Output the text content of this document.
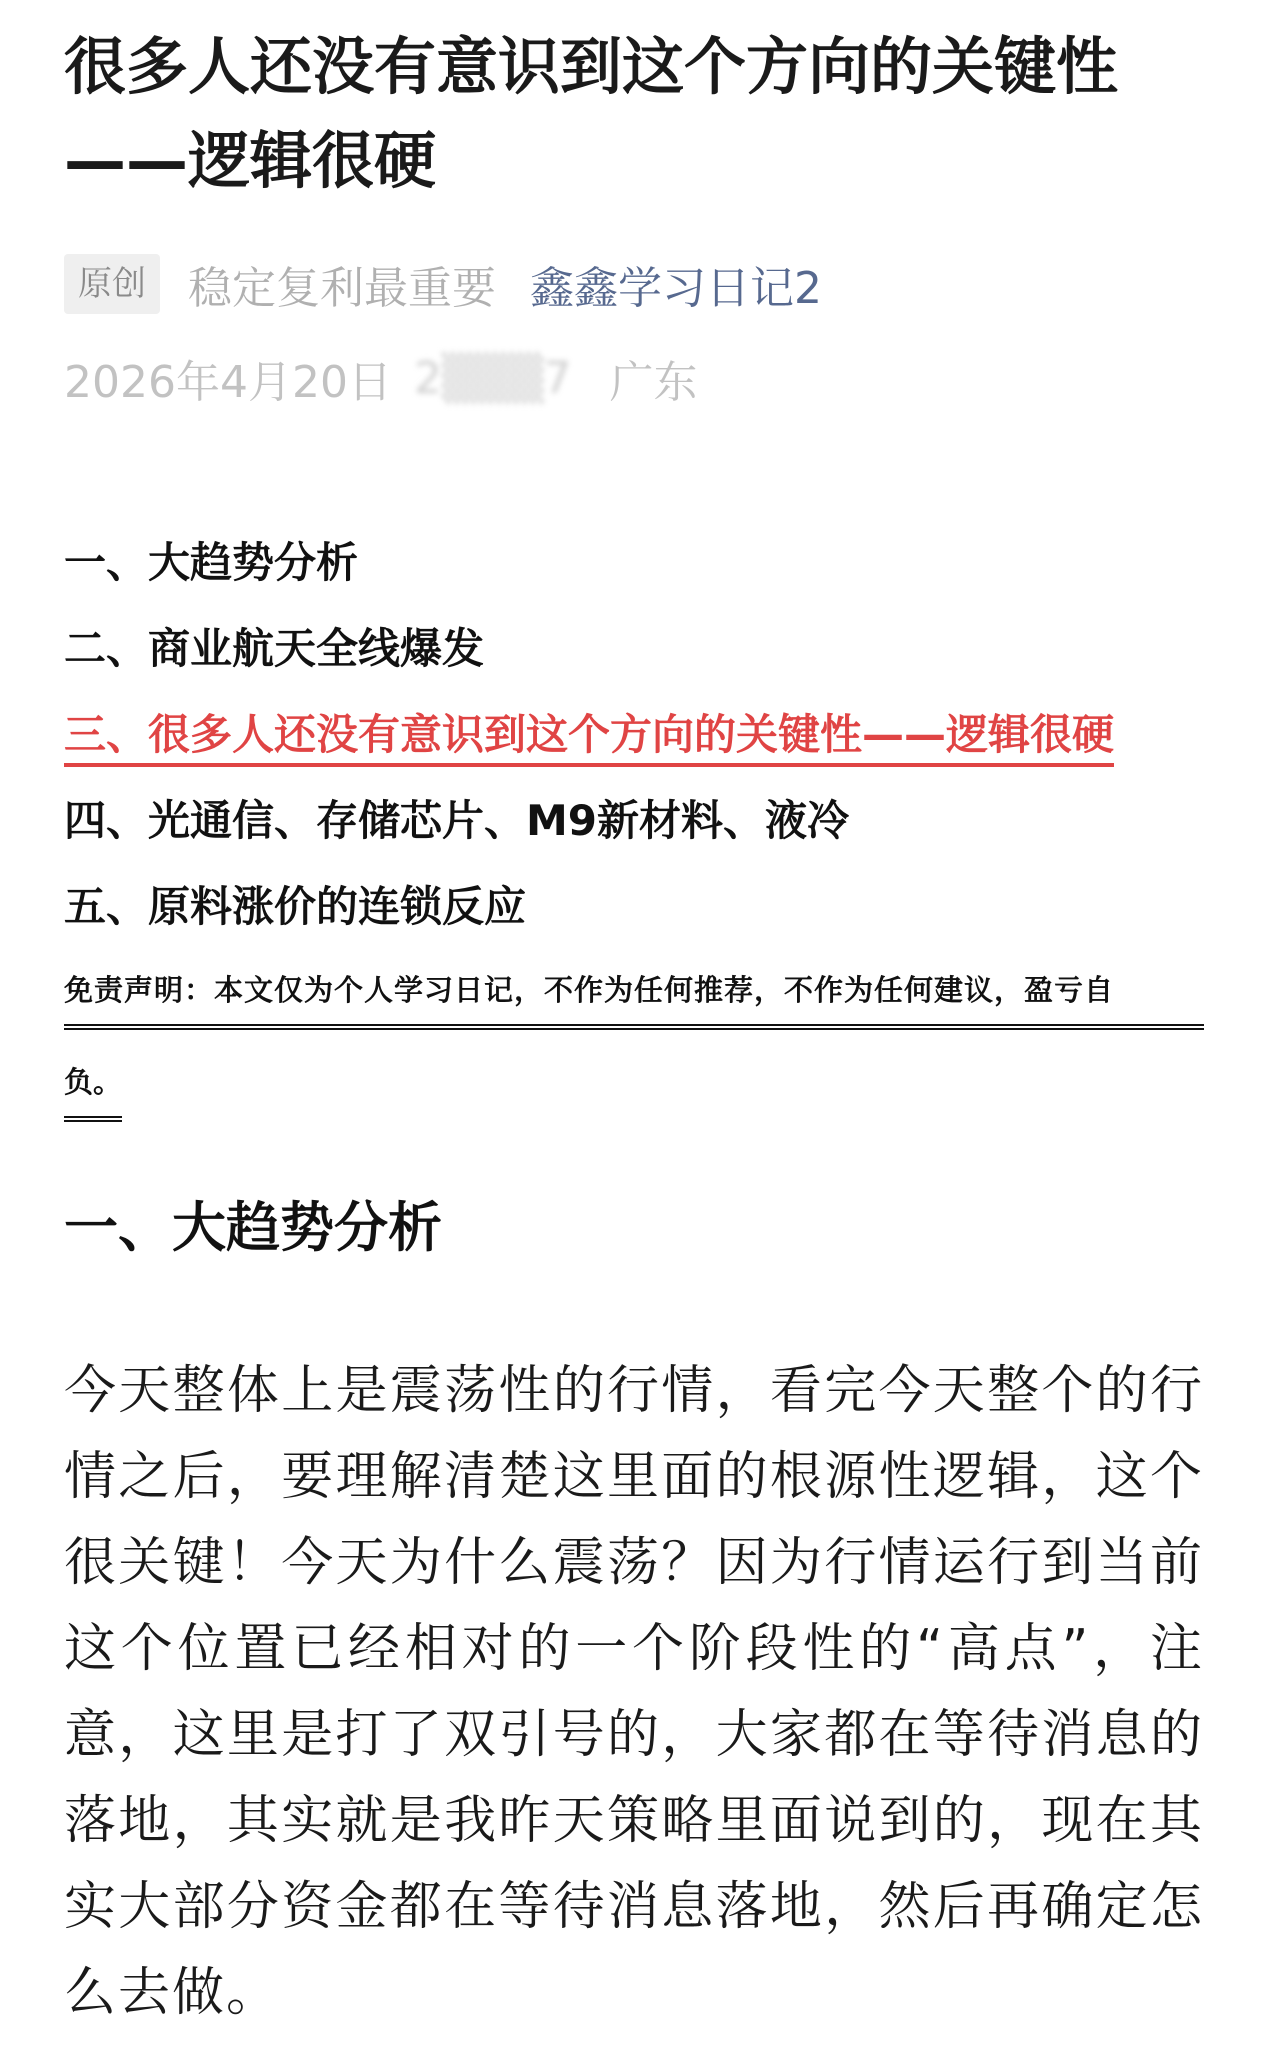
很多人还没有意识到这个方向的关键性——逻辑很硬
原创 稳定复利最重要 鑫鑫学习日记2
2026年4月20日 2▒▒▒7 广东
一、大趋势分析
二、商业航天全线爆发
三、很多人还没有意识到这个方向的关键性——逻辑很硬
四、光通信、存储芯片、M9新材料、液冷
五、原料涨价的连锁反应
免责声明：本文仅为个人学习日记，不作为任何推荐，不作为任何建议，盈亏自
负。
一、大趋势分析

今天整体上是震荡性的行情，看完今天整个的行情之后，要理解清楚这里面的根源性逻辑，这个很关键！今天为什么震荡？因为行情运行到当前这个位置已经相对的一个阶段性的“高点”，注意，这里是打了双引号的，大家都在等待消息的落地，其实就是我昨天策略里面说到的，现在其实大部分资金都在等待消息落地，然后再确定怎么去做。
